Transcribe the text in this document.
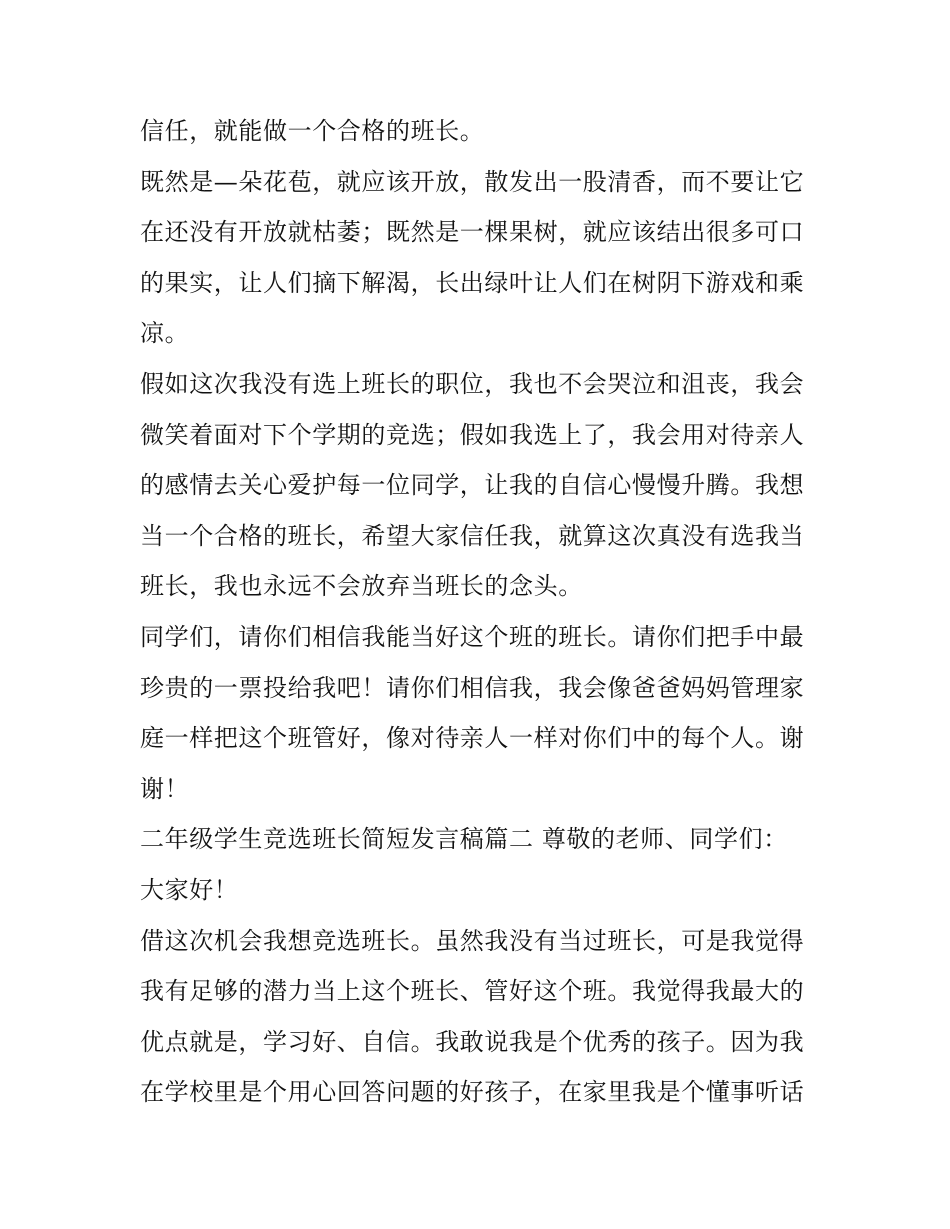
信任，就能做一个合格的班长。
既然是—朵花苞，就应该开放，散发出一股清香，而不要让它
在还没有开放就枯萎；既然是一棵果树，就应该结出很多可口
的果实，让人们摘下解渴，长出绿叶让人们在树阴下游戏和乘
凉。
假如这次我没有选上班长的职位，我也不会哭泣和沮丧，我会
微笑着面对下个学期的竞选；假如我选上了，我会用对待亲人
的感情去关心爱护每一位同学，让我的自信心慢慢升腾。我想
当一个合格的班长，希望大家信任我，就算这次真没有选我当
班长，我也永远不会放弃当班长的念头。
同学们，请你们相信我能当好这个班的班长。请你们把手中最
珍贵的一票投给我吧！请你们相信我，我会像爸爸妈妈管理家
庭一样把这个班管好，像对待亲人一样对你们中的每个人。谢
谢！
二年级学生竞选班长简短发言稿篇二 尊敬的老师、同学们：
大家好！
借这次机会我想竞选班长。虽然我没有当过班长，可是我觉得
我有足够的潜力当上这个班长、管好这个班。我觉得我最大的
优点就是，学习好、自信。我敢说我是个优秀的孩子。因为我
在学校里是个用心回答问题的好孩子，在家里我是个懂事听话
